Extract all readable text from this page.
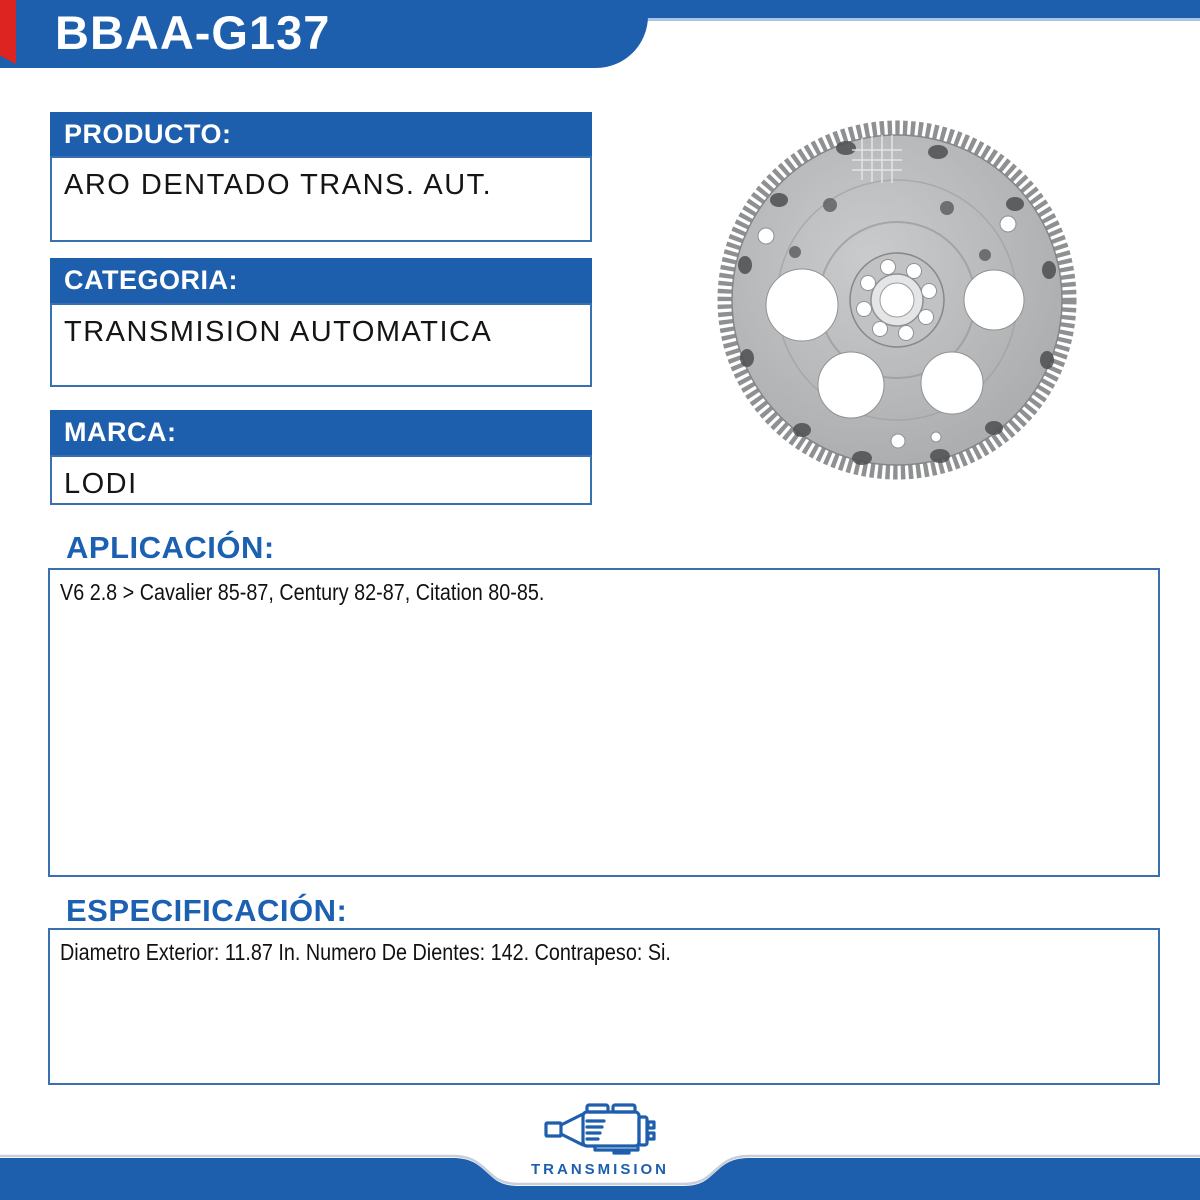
BBAA-G137
PRODUCTO:
ARO DENTADO TRANS. AUT.
CATEGORIA:
TRANSMISION AUTOMATICA
MARCA:
LODI
APLICACIÓN:
V6 2.8 > Cavalier 85-87, Century 82-87, Citation 80-85.
ESPECIFICACIÓN:
Diametro Exterior: 11.87 In. Numero De Dientes: 142. Contrapeso: Si.
TRANSMISION
